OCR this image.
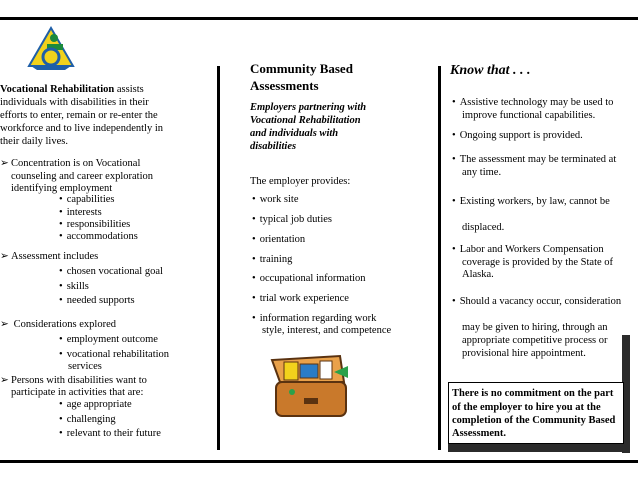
Vocational Rehabilitation assists
individuals with disabilities in their
efforts to enter, remain or re-enter the
workforce and to live independently in
their daily lives.
➢ Concentration is on Vocational
counseling and career exploration
identifying employment
• capabilities
• interests
• responsibilities
• accommodations
➢ Assessment includes
• chosen vocational goal
• skills
• needed supports
➢ Considerations explored
• employment outcome
• vocational rehabilitation
services
➢ Persons with disabilities want to
participate in activities that are:
• age appropriate
• challenging
• relevant to their future
Community Based
Assessments
Employers partnering with
Vocational Rehabilitation
and individuals with
disabilities
The employer provides:
• work site
• typical job duties
• orientation
• training
• occupational information
• trial work experience
• information regarding work
style, interest, and competence
Know that . . .
• Assistive technology may be used to
improve functional capabilities.
• Ongoing support is provided.
• The assessment may be terminated at
any time.
• Existing workers, by law, cannot be
displaced.
• Labor and Workers Compensation
coverage is provided by the State of
Alaska.
• Should a vacancy occur, consideration
may be given to hiring, through an
appropriate competitive process or
provisional hire appointment.
There is no commitment on the part
of the employer to hire you at the
completion of the Community Based
Assessment.
